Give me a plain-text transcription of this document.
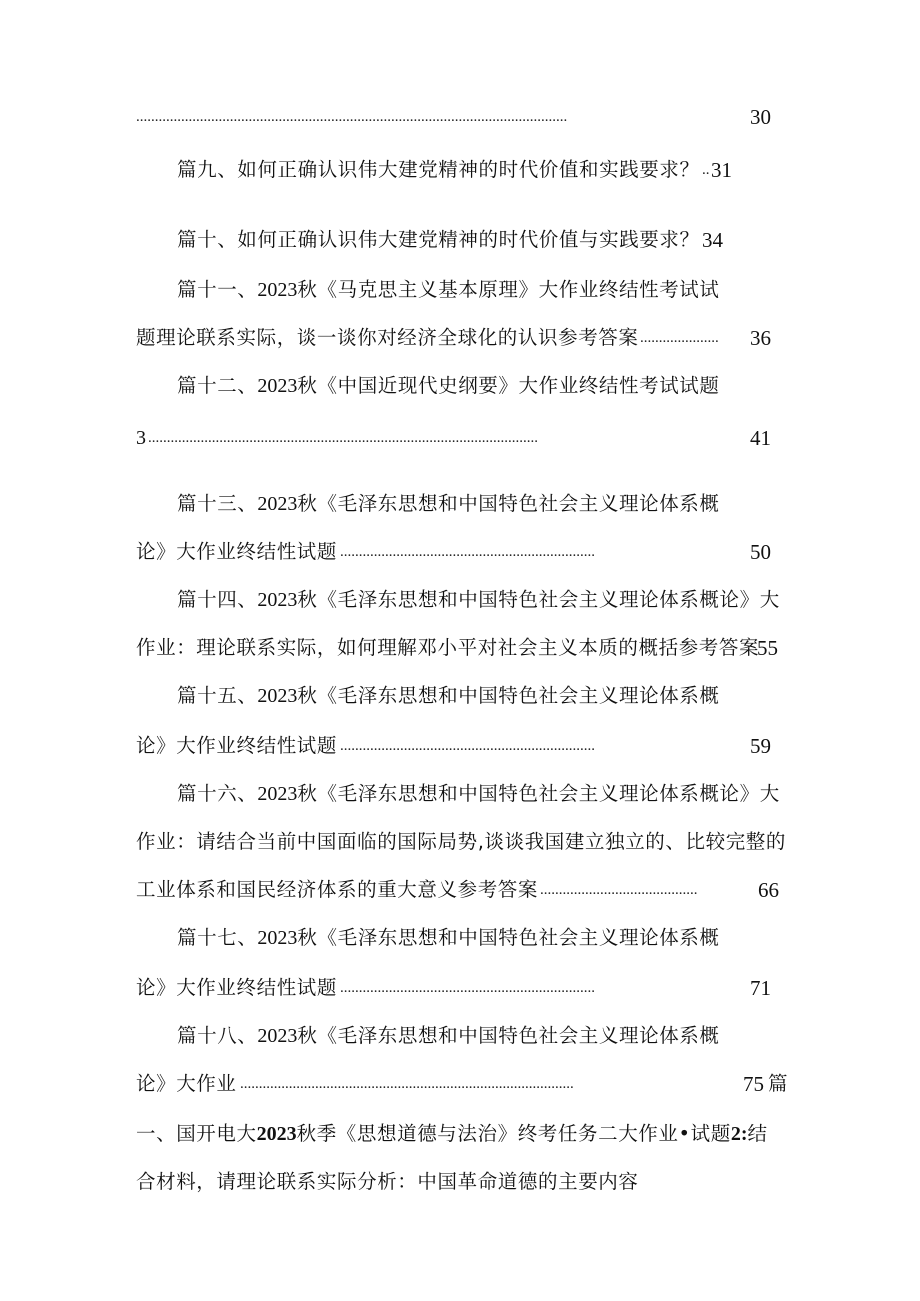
...................................................................................................................	30
篇九、如何正确认识伟大建党精神的时代价值和实践要求？ .. 31
篇十、如何正确认识伟大建党精神的时代价值与实践要求？ 34
篇十一、2023秋《马克思主义基本原理》大作业终结性考试试
题理论联系实际，谈一谈你对经济全球化的认识参考答案 .....................	36
篇十二、2023秋《中国近现代史纲要》大作业终结性考试试题
3 ........................................................................................................	41
篇十三、2023秋《毛泽东思想和中国特色社会主义理论体系概
论》大作业终结性试题 ....................................................................	50
篇十四、2023秋《毛泽东思想和中国特色社会主义理论体系概论》大
作业：理论联系实际，如何理解邓小平对社会主义本质的概括参考答案
55
篇十五、2023秋《毛泽东思想和中国特色社会主义理论体系概
论》大作业终结性试题 ....................................................................	59
篇十六、2023秋《毛泽东思想和中国特色社会主义理论体系概论》大
作业：请结合当前中国面临的国际局势,谈谈我国建立独立的、比较完整的
工业体系和国民经济体系的重大意义参考答案 ..........................................	66
篇十七、2023秋《毛泽东思想和中国特色社会主义理论体系概
论》大作业终结性试题 ....................................................................	71
篇十八、2023秋《毛泽东思想和中国特色社会主义理论体系概
论》大作业 .........................................................................................	75 篇
一、国开电大2023秋季《思想道德与法治》终考任务二大作业•试题2:结
合材料，请理论联系实际分析：中国革命道德的主要内容
